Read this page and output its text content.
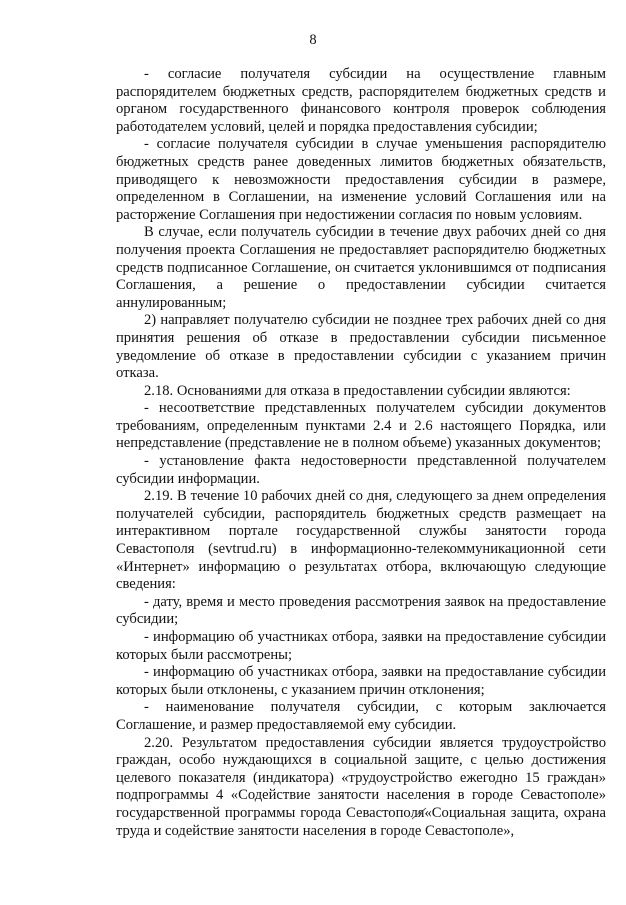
8

- согласие получателя субсидии на осуществление главным распорядителем бюджетных средств, распорядителем бюджетных средств и органом государственного финансового контроля проверок соблюдения работодателем условий, целей и порядка предоставления субсидии;

- согласие получателя субсидии в случае уменьшения распорядителю бюджетных средств ранее доведенных лимитов бюджетных обязательств, приводящего к невозможности предоставления субсидии в размере, определенном в Соглашении, на изменение условий Соглашения или на расторжение Соглашения при недостижении согласия по новым условиям.

В случае, если получатель субсидии в течение двух рабочих дней со дня получения проекта Соглашения не предоставляет распорядителю бюджетных средств подписанное Соглашение, он считается уклонившимся от подписания Соглашения, а решение о предоставлении субсидии считается аннулированным;

2) направляет получателю субсидии не позднее трех рабочих дней со дня принятия решения об отказе в предоставлении субсидии письменное уведомление об отказе в предоставлении субсидии с указанием причин отказа.

2.18. Основаниями для отказа в предоставлении субсидии являются:

- несоответствие представленных получателем субсидии документов требованиям, определенным пунктами 2.4 и 2.6 настоящего Порядка, или непредставление (представление не в полном объеме) указанных документов;

- установление факта недостоверности представленной получателем субсидии информации.

2.19. В течение 10 рабочих дней со дня, следующего за днем определения получателей субсидии, распорядитель бюджетных средств размещает на интерактивном портале государственной службы занятости города Севастополя (sevtrud.ru) в информационно-телекоммуникационной сети «Интернет» информацию о результатах отбора, включающую следующие сведения:

- дату, время и место проведения рассмотрения заявок на предоставление субсидии;

- информацию об участниках отбора, заявки на предоставление субсидии которых были рассмотрены;

- информацию об участниках отбора, заявки на предоставлание субсидии которых были отклонены, с указанием причин отклонения;

- наименование получателя субсидии, с которым заключается Соглашение, и размер предоставляемой ему субсидии.

2.20. Результатом предоставления субсидии является трудоустройство граждан, особо нуждающихся в социальной защите, с целью достижения целевого показателя (индикатора) «трудоустройство ежегодно 15 граждан» подпрограммы 4 «Содействие занятости населения в городе Севастополе» государственной программы города Севастополя
«Социальная защита, охрана труда и содействие занятости населения в городе Севастополе»,
